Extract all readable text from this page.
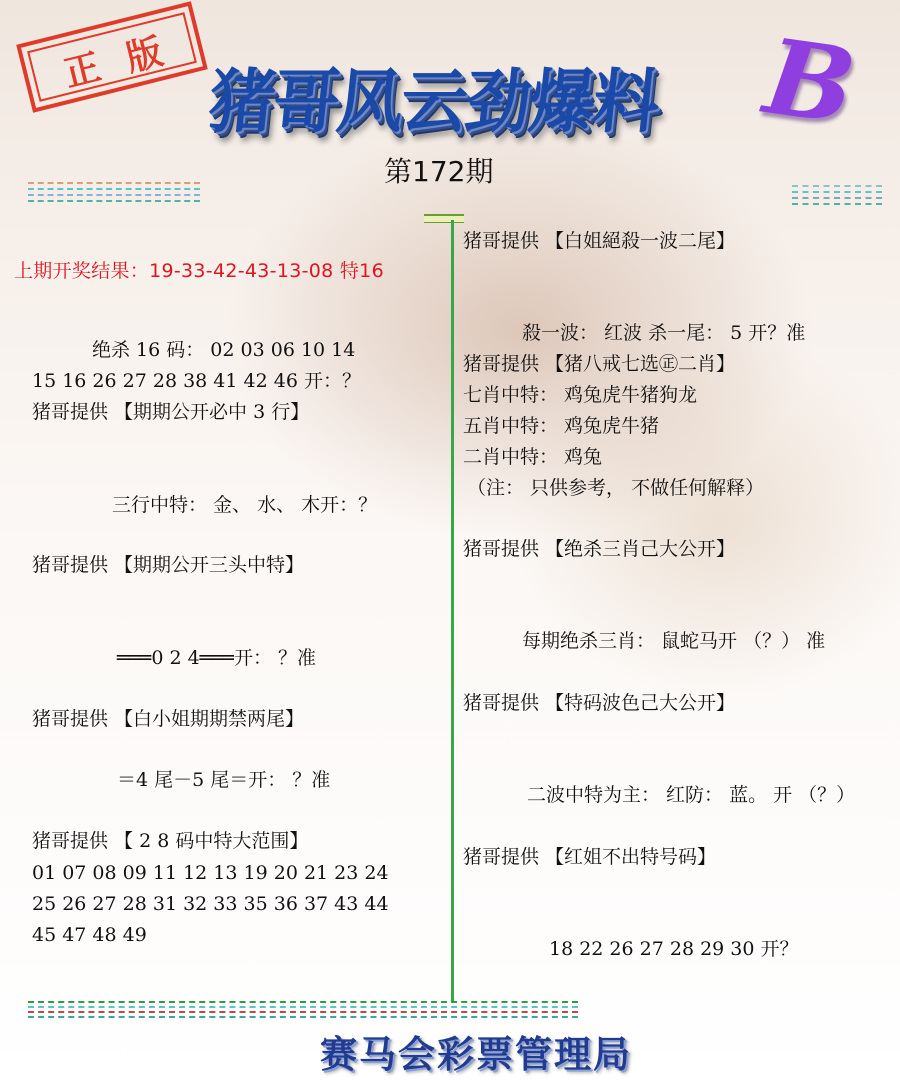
正版
猪哥风云劲爆料 B
第172期
上期开奖结果：19-33-42-43-13-08 特16
绝杀 16 码： 02 03 06 10 14
15 16 26 27 28 38 41 42 46 开：？
猪哥提供 【期期公开必中 3 行】
三行中特： 金、 水、 木开：？
猪哥提供 【期期公开三头中特】
═══0 2 4═══开： ？准
猪哥提供 【白小姐期期禁两尾】
＝4 尾－5 尾＝开： ？准
猪哥提供 【 2 8 码中特大范围】
01 07 08 09 11 12 13 19 20 21 23 24
25 26 27 28 31 32 33 35 36 37 43 44
45 47 48 49
猪哥提供 【白姐絕殺一波二尾】
殺一波： 红波 杀一尾： 5 开？准
猪哥提供 【猪八戒七选㊣二肖】
七肖中特： 鸡兔虎牛猪狗龙
五肖中特： 鸡兔虎牛猪
二肖中特： 鸡兔
（注： 只供参考， 不做任何解释）
猪哥提供 【绝杀三肖己大公开】
每期绝杀三肖： 鼠蛇马开 （？） 准
猪哥提供 【特码波色己大公开】
二波中特为主： 红防： 蓝。 开 （？）
猪哥提供 【红姐不出特号码】
18 22 26 27 28 29 30 开？
赛马会彩票管理局
